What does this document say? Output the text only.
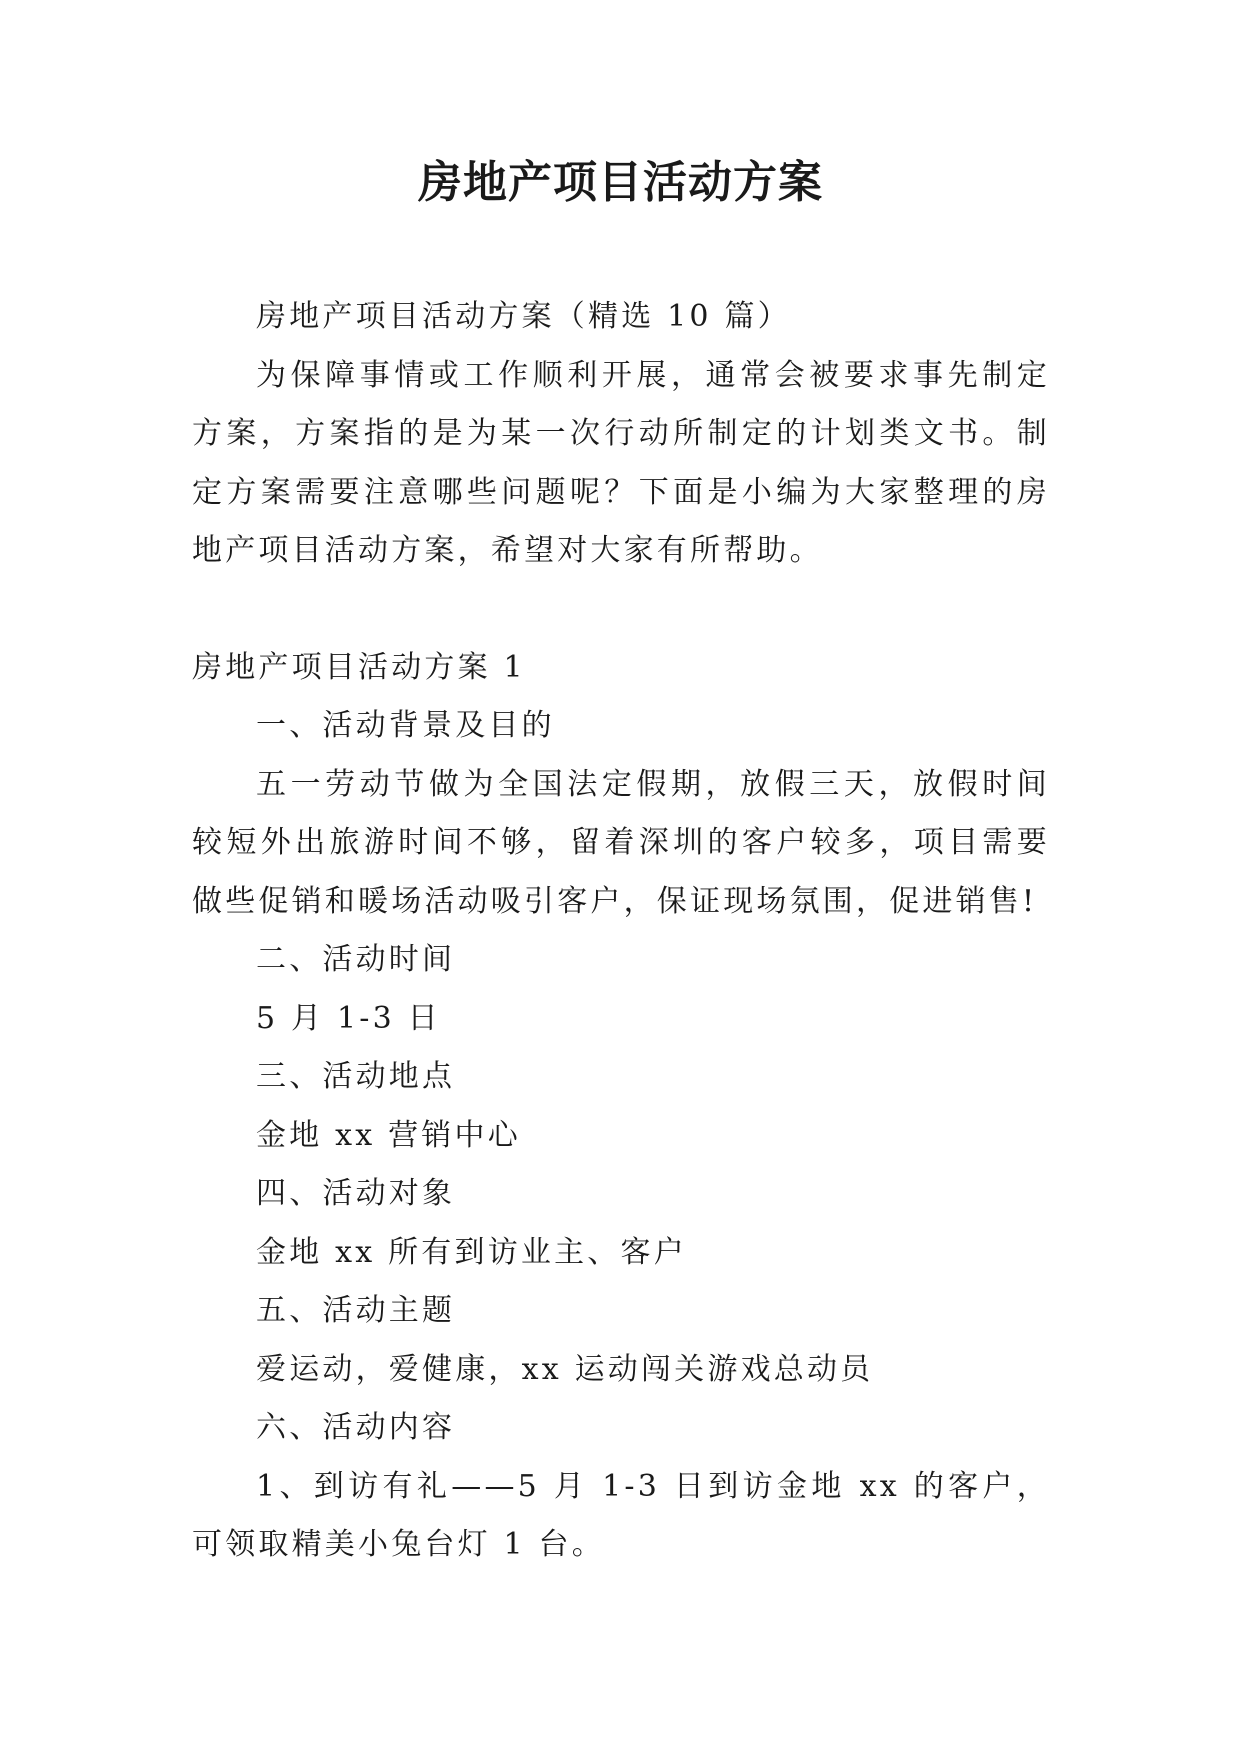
房地产项目活动方案

房地产项目活动方案（精选 10 篇）

为保障事情或工作顺利开展，通常会被要求事先制定方案，方案指的是为某一次行动所制定的计划类文书。制定方案需要注意哪些问题呢？下面是小编为大家整理的房地产项目活动方案，希望对大家有所帮助。

房地产项目活动方案 1

一、活动背景及目的

五一劳动节做为全国法定假期，放假三天，放假时间较短外出旅游时间不够，留着深圳的客户较多，项目需要做些促销和暖场活动吸引客户，保证现场氛围，促进销售!

二、活动时间

5 月 1-3 日

三、活动地点

金地 xx 营销中心

四、活动对象

金地 xx 所有到访业主、客户

五、活动主题

爱运动，爱健康，xx 运动闯关游戏总动员

六、活动内容

1、到访有礼——5 月 1-3 日到访金地 xx 的客户，可领取精美小兔台灯 1 台。
